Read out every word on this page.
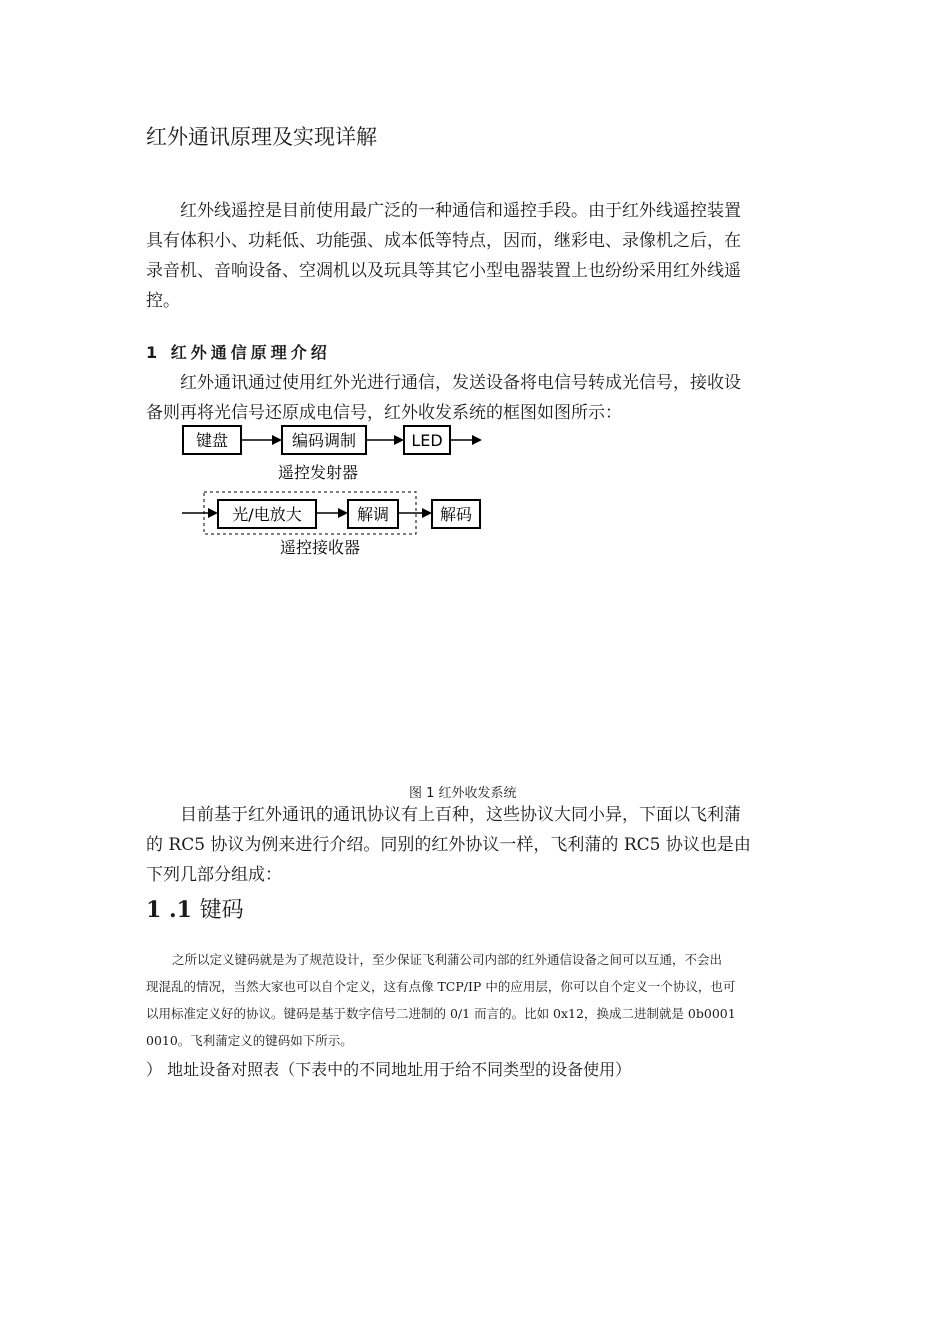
红外通讯原理及实现详解
红外线遥控是目前使用最广泛的一种通信和遥控手段。由于红外线遥控装置
具有体积小、功耗低、功能强、成本低等特点，因而，继彩电、录像机之后，在
录音机、音响设备、空凋机以及玩具等其它小型电器装置上也纷纷采用红外线遥
控。
1 红外通信原理介绍
红外通讯通过使用红外光进行通信，发送设备将电信号转成光信号，接收设
备则再将光信号还原成电信号，红外收发系统的框图如图所示：
键盘	编码调制	LED
遥控发射器
光/电放大	解调	解码
遥控接收器
图 1 红外收发系统
目前基于红外通讯的通讯协议有上百种，这些协议大同小异，下面以飞利蒲
的 RC5 协议为例来进行介绍。同别的红外协议一样，飞利蒲的 RC5 协议也是由
下列几部分组成：
1 .1 键码
之所以定义键码就是为了规范设计，至少保证飞利蒲公司内部的红外通信设备之间可以互通，不会出
现混乱的情况，当然大家也可以自个定义，这有点像 TCP/IP 中的应用层，你可以自个定义一个协议，也可
以用标准定义好的协议。键码是基于数字信号二进制的 0/1 而言的。比如 0x12，换成二进制就是 0b0001
0010。飞利蒲定义的键码如下所示。
） 地址设备对照表（下表中的不同地址用于给不同类型的设备使用）
